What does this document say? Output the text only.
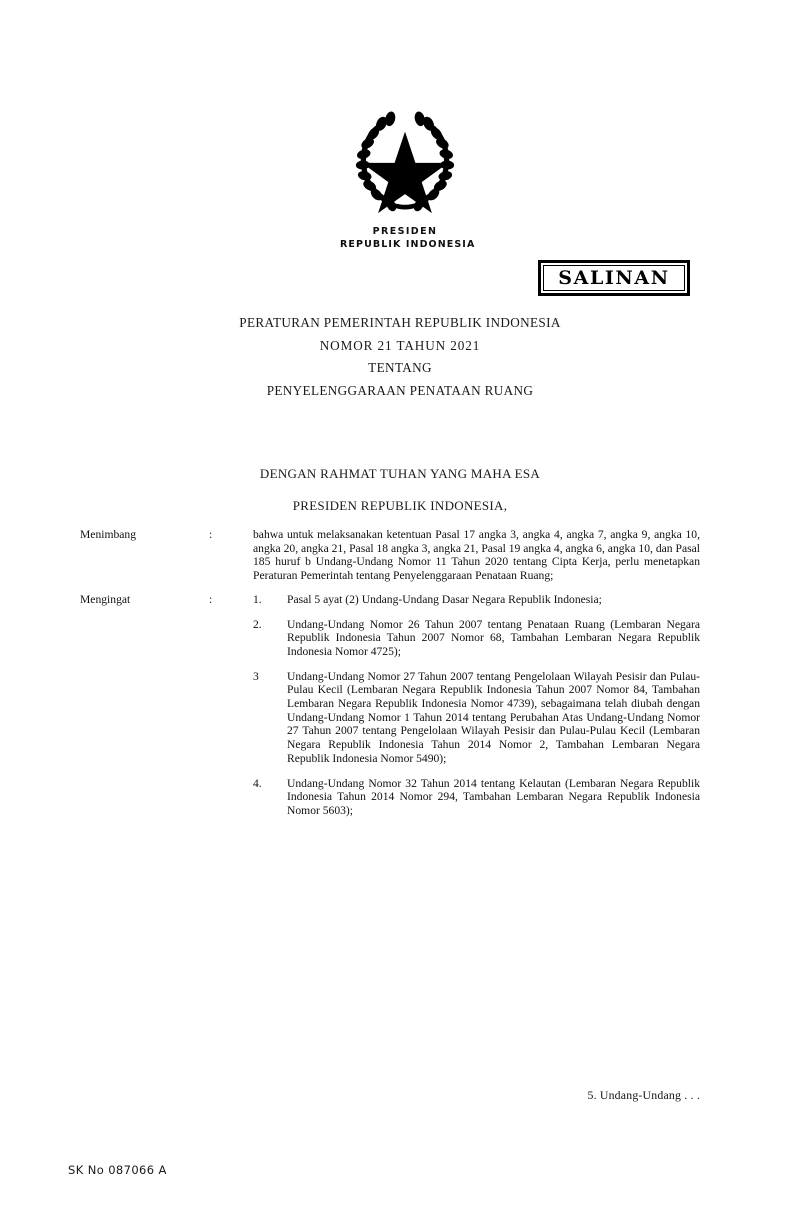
PRESIDEN
REPUBLIK INDONESIA
SALINAN
PERATURAN PEMERINTAH REPUBLIK INDONESIA
NOMOR 21 TAHUN 2021
TENTANG
PENYELENGGARAAN PENATAAN RUANG
DENGAN RAHMAT TUHAN YANG MAHA ESA
PRESIDEN REPUBLIK INDONESIA,
Menimbang	:	bahwa untuk melaksanakan ketentuan Pasal 17 angka 3, angka 4, angka 7, angka 9, angka 10, angka 20, angka 21, Pasal 18 angka 3, angka 21, Pasal 19 angka 4, angka 6, angka 10, dan Pasal 185 huruf b Undang-Undang Nomor 11 Tahun 2020 tentang Cipta Kerja, perlu menetapkan Peraturan Pemerintah tentang Penyelenggaraan Penataan Ruang;

Mengingat	:	1.	Pasal 5 ayat (2) Undang-Undang Dasar Negara Republik Indonesia;
2.	Undang-Undang Nomor 26 Tahun 2007 tentang Penataan Ruang (Lembaran Negara Republik Indonesia Tahun 2007 Nomor 68, Tambahan Lembaran Negara Republik Indonesia Nomor 4725);
3	Undang-Undang Nomor 27 Tahun 2007 tentang Pengelolaan Wilayah Pesisir dan Pulau-Pulau Kecil (Lembaran Negara Republik Indonesia Tahun 2007 Nomor 84, Tambahan Lembaran Negara Republik Indonesia Nomor 4739), sebagaimana telah diubah dengan Undang-Undang Nomor 1 Tahun 2014 tentang Perubahan Atas Undang-Undang Nomor 27 Tahun 2007 tentang Pengelolaan Wilayah Pesisir dan Pulau-Pulau Kecil (Lembaran Negara Republik Indonesia Tahun 2014 Nomor 2, Tambahan Lembaran Negara Republik Indonesia Nomor 5490);
4.	Undang-Undang Nomor 32 Tahun 2014 tentang Kelautan (Lembaran Negara Republik Indonesia Tahun 2014 Nomor 294, Tambahan Lembaran Negara Republik Indonesia Nomor 5603);
5. Undang-Undang . . .
SK No 087066 A
